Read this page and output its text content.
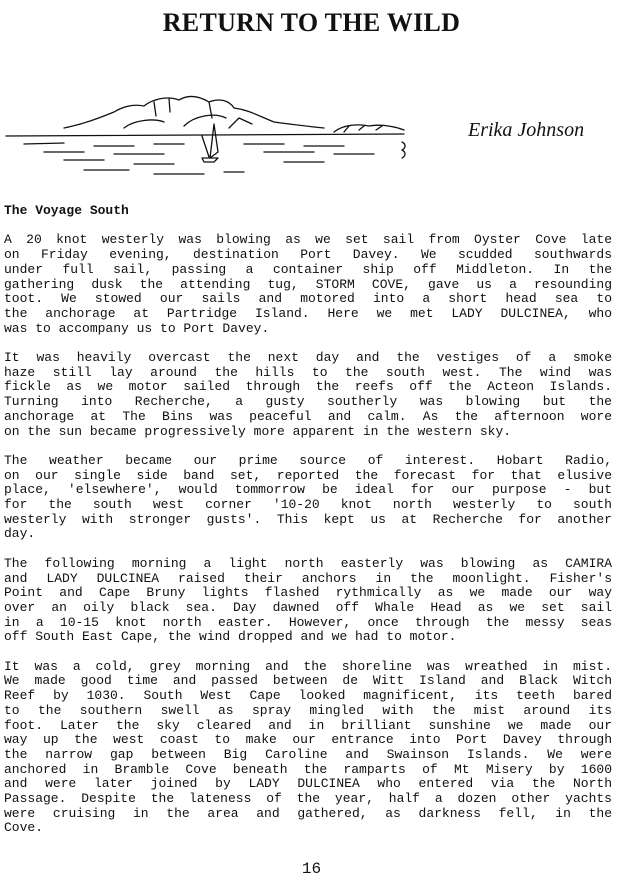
RETURN TO THE WILD
Erika Johnson
The Voyage South
A 20 knot westerly was blowing as we set sail from Oyster Cove late
on Friday evening, destination Port Davey. We scudded southwards
under full sail, passing a container ship off Middleton. In the
gathering dusk the attending tug, STORM COVE, gave us a resounding
toot. We stowed our sails and motored into a short head sea to
the anchorage at Partridge Island. Here we met LADY DULCINEA, who
was to accompany us to Port Davey.
It was heavily overcast the next day and the vestiges of a smoke
haze still lay around the hills to the south west. The wind was
fickle as we motor sailed through the reefs off the Acteon Islands.
Turning into Recherche, a gusty southerly was blowing but the
anchorage at The Bins was peaceful and calm. As the afternoon wore
on the sun became progressively more apparent in the western sky.
The weather became our prime source of interest. Hobart Radio,
on our single side band set, reported the forecast for that elusive
place, 'elsewhere', would tommorrow be ideal for our purpose - but
for the south west corner '10-20 knot north westerly to south
westerly with stronger gusts'. This kept us at Recherche for another
day.
The following morning a light north easterly was blowing as CAMIRA
and LADY DULCINEA raised their anchors in the moonlight. Fisher's
Point and Cape Bruny lights flashed rythmically as we made our way
over an oily black sea. Day dawned off Whale Head as we set sail
in a 10-15 knot north easter. However, once through the messy seas
off South East Cape, the wind dropped and we had to motor.
It was a cold, grey morning and the shoreline was wreathed in mist.
We made good time and passed between de Witt Island and Black Witch
Reef by 1030. South West Cape looked magnificent, its teeth bared
to the southern swell as spray mingled with the mist around its
foot. Later the sky cleared and in brilliant sunshine we made our
way up the west coast to make our entrance into Port Davey through
the narrow gap between Big Caroline and Swainson Islands. We were
anchored in Bramble Cove beneath the ramparts of Mt Misery by 1600
and were later joined by LADY DULCINEA who entered via the North
Passage. Despite the lateness of the year, half a dozen other yachts
were cruising in the area and gathered, as darkness fell, in the
Cove.
16
